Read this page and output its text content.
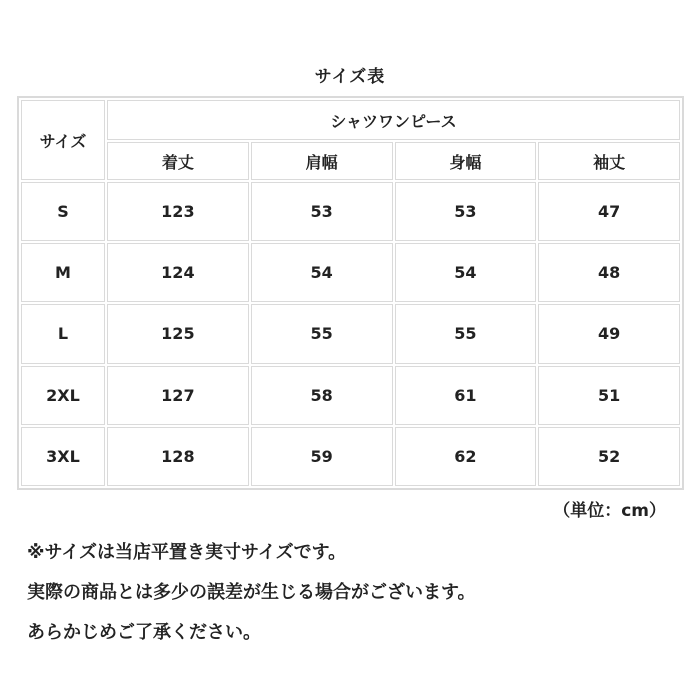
サイズ表
サイズ	シャツワンピース			
	着丈	肩幅	身幅	袖丈
S	123	53	53	47
M	124	54	54	48
L	125	55	55	49
2XL	127	58	61	51
3XL	128	59	62	52
（単位：cm）
※サイズは当店平置き実寸サイズです。
実際の商品とは多少の誤差が生じる場合がございます。
あらかじめご了承ください。
